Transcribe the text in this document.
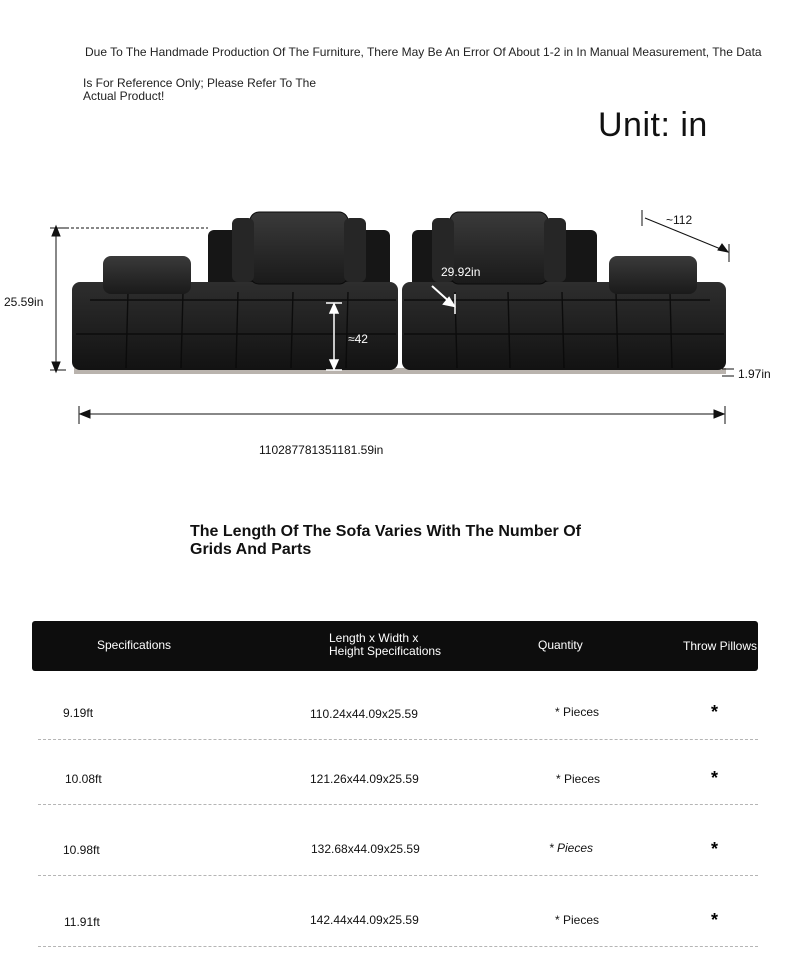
Due To The Handmade Production Of The Furniture, There May Be An Error Of About 1-2 in In Manual Measurement, The Data
Is For Reference Only; Please Refer To The
Actual Product!
Unit: in
25.59in
~112
29.92in
≈42
1.97in
110287781351181.59in
The Length Of The Sofa Varies With The Number Of
Grids And Parts
Specifications	Length x Width x
Height Specifications	Quantity	Throw Pillows
9.19ft	110.24x44.09x25.59	* Pieces	*
10.08ft	121.26x44.09x25.59	* Pieces	*
10.98ft	132.68x44.09x25.59	* Pieces	*
11.91ft	142.44x44.09x25.59	* Pieces	*
